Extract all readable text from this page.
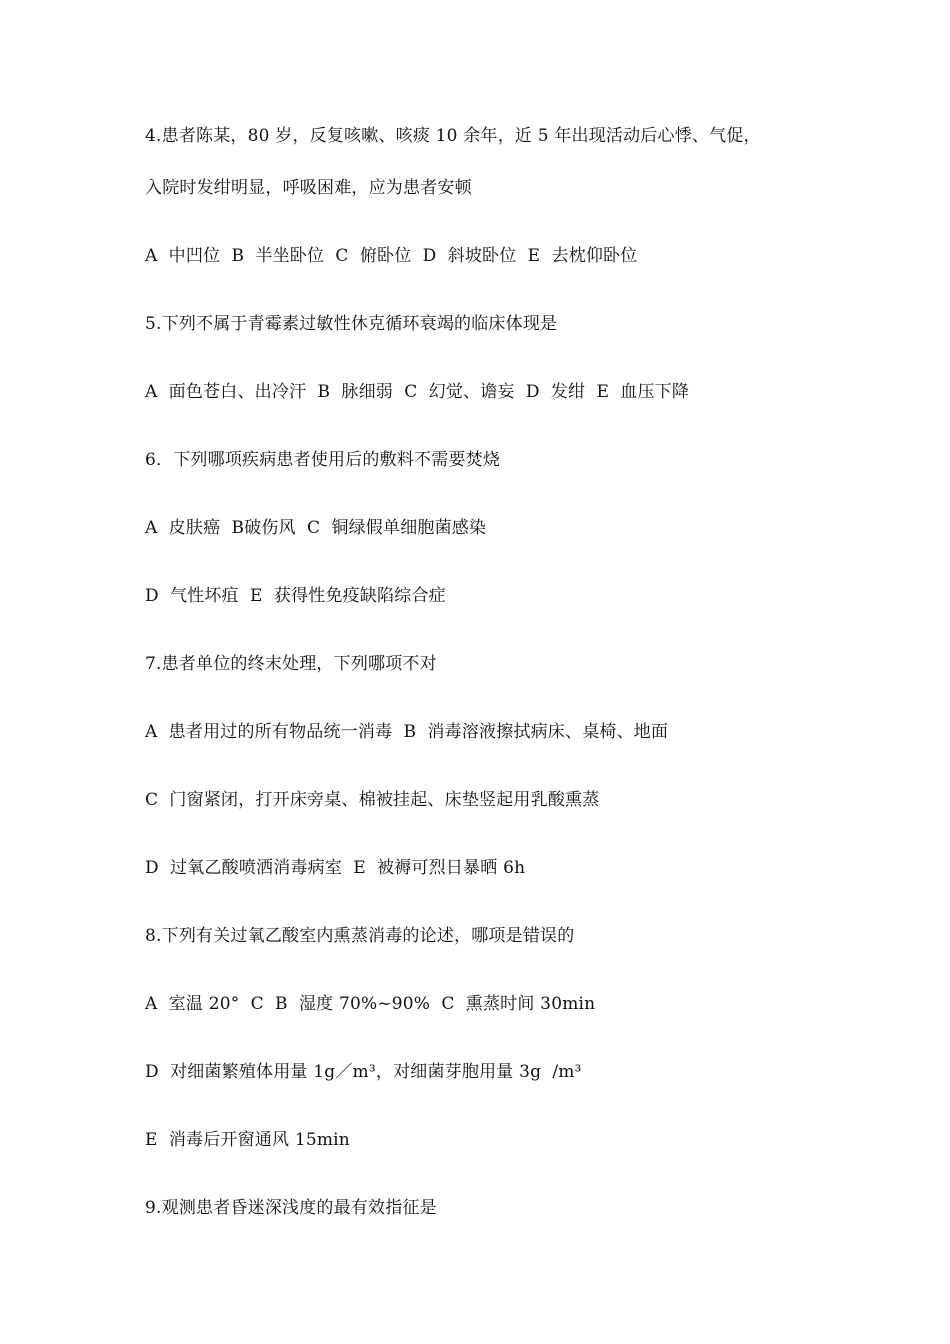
4.患者陈某，80 岁，反复咳嗽、咳痰 10 余年，近 5 年出现活动后心悸、气促，
入院时发绀明显，呼吸困难，应为患者安顿
A  中凹位  B  半坐卧位  C  俯卧位  D  斜坡卧位  E  去枕仰卧位
5.下列不属于青霉素过敏性休克循环衰竭的临床体现是
A  面色苍白、出冷汗  B  脉细弱  C  幻觉、谵妄  D  发绀  E  血压下降
6．下列哪项疾病患者使用后的敷料不需要焚烧
A  皮肤癌  B破伤风  C  铜绿假单细胞菌感染
D  气性坏疽  E  获得性免疫缺陷综合症
7.患者单位的终末处理，下列哪项不对
A  患者用过的所有物品统一消毒  B  消毒溶液擦拭病床、桌椅、地面
C  门窗紧闭，打开床旁桌、棉被挂起、床垫竖起用乳酸熏蒸
D  过氧乙酸喷洒消毒病室  E  被褥可烈日暴晒 6h
8.下列有关过氧乙酸室内熏蒸消毒的论述，哪项是错误的
A  室温 20°  C  B  湿度 70%~90%  C  熏蒸时间 30min
D  对细菌繁殖体用量 1g／m³，对细菌芽胞用量 3g  /m³
E  消毒后开窗通风 15min
9.观测患者昏迷深浅度的最有效指征是
